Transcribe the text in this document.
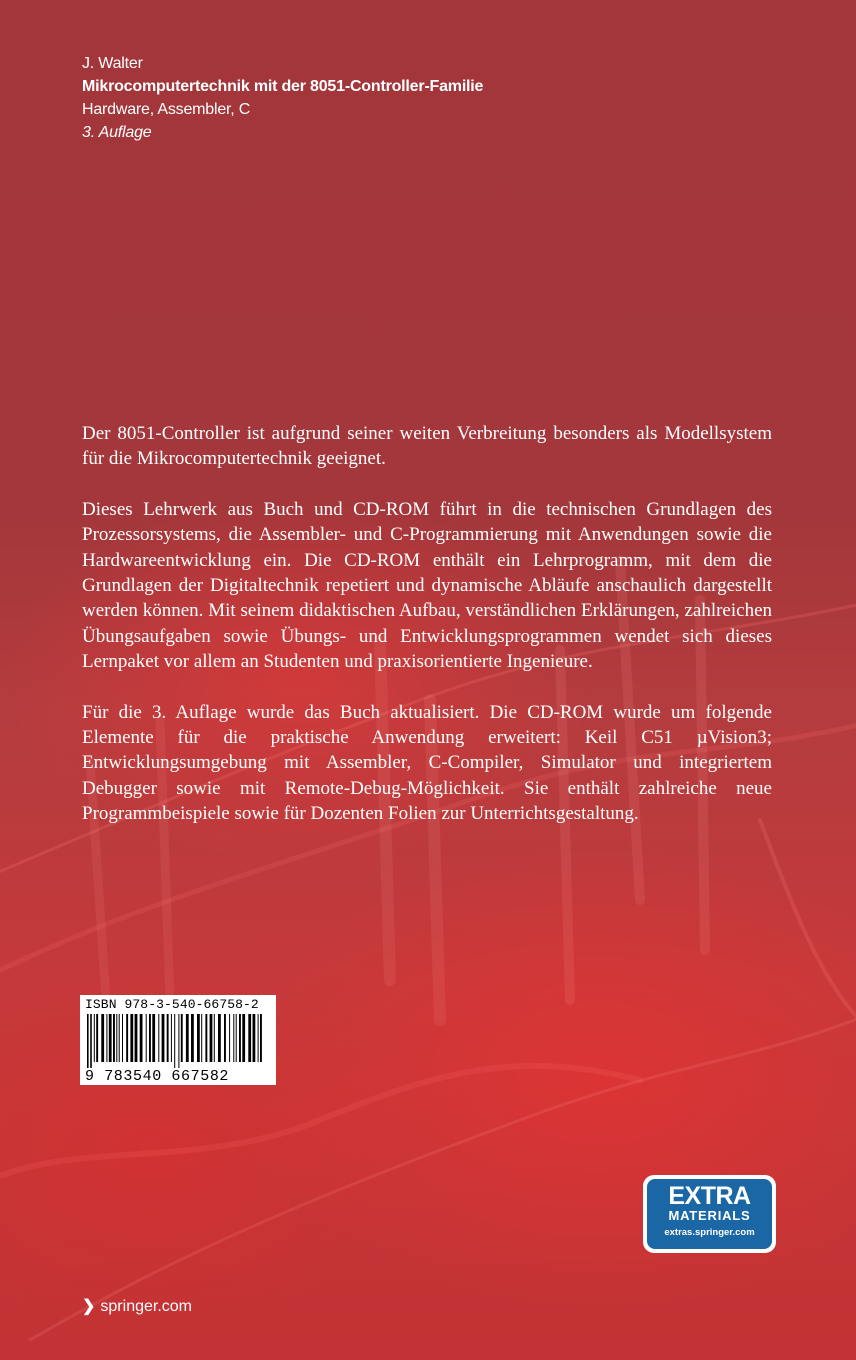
J. Walter
Mikrocomputertechnik mit der 8051-Controller-Familie
Hardware, Assembler, C
3. Auflage

Der 8051-Controller ist aufgrund seiner weiten Verbreitung besonders als Modellsystem für die Mikrocomputertechnik geeignet.

Dieses Lehrwerk aus Buch und CD-ROM führt in die technischen Grundlagen des Prozessorsystems, die Assembler- und C-Programmierung mit Anwendungen sowie die Hardwareentwicklung ein. Die CD-ROM enthält ein Lehrprogramm, mit dem die Grundlagen der Digitaltechnik repetiert und dynamische Abläufe anschaulich dargestellt werden können. Mit seinem didaktischen Aufbau, verständlichen Erklärungen, zahlreichen Übungsaufgaben sowie Übungs- und Entwicklungsprogrammen wendet sich dieses Lernpaket vor allem an Studenten und praxisorientierte Ingenieure.

Für die 3. Auflage wurde das Buch aktualisiert. Die CD-ROM wurde um folgende Elemente für die praktische Anwendung erweitert: Keil C51 µVision3; Entwicklungsumgebung mit Assembler, C-Compiler, Simulator und integriertem Debugger sowie mit Remote-Debug-Möglichkeit. Sie enthält zahlreiche neue Programmbeispiele sowie für Dozenten Folien zur Unterrichtsgestaltung.

ISBN 978-3-540-66758-2
9 783540 667582
❯ springer.com
EXTRA
MATERIALS
extras.springer.com
